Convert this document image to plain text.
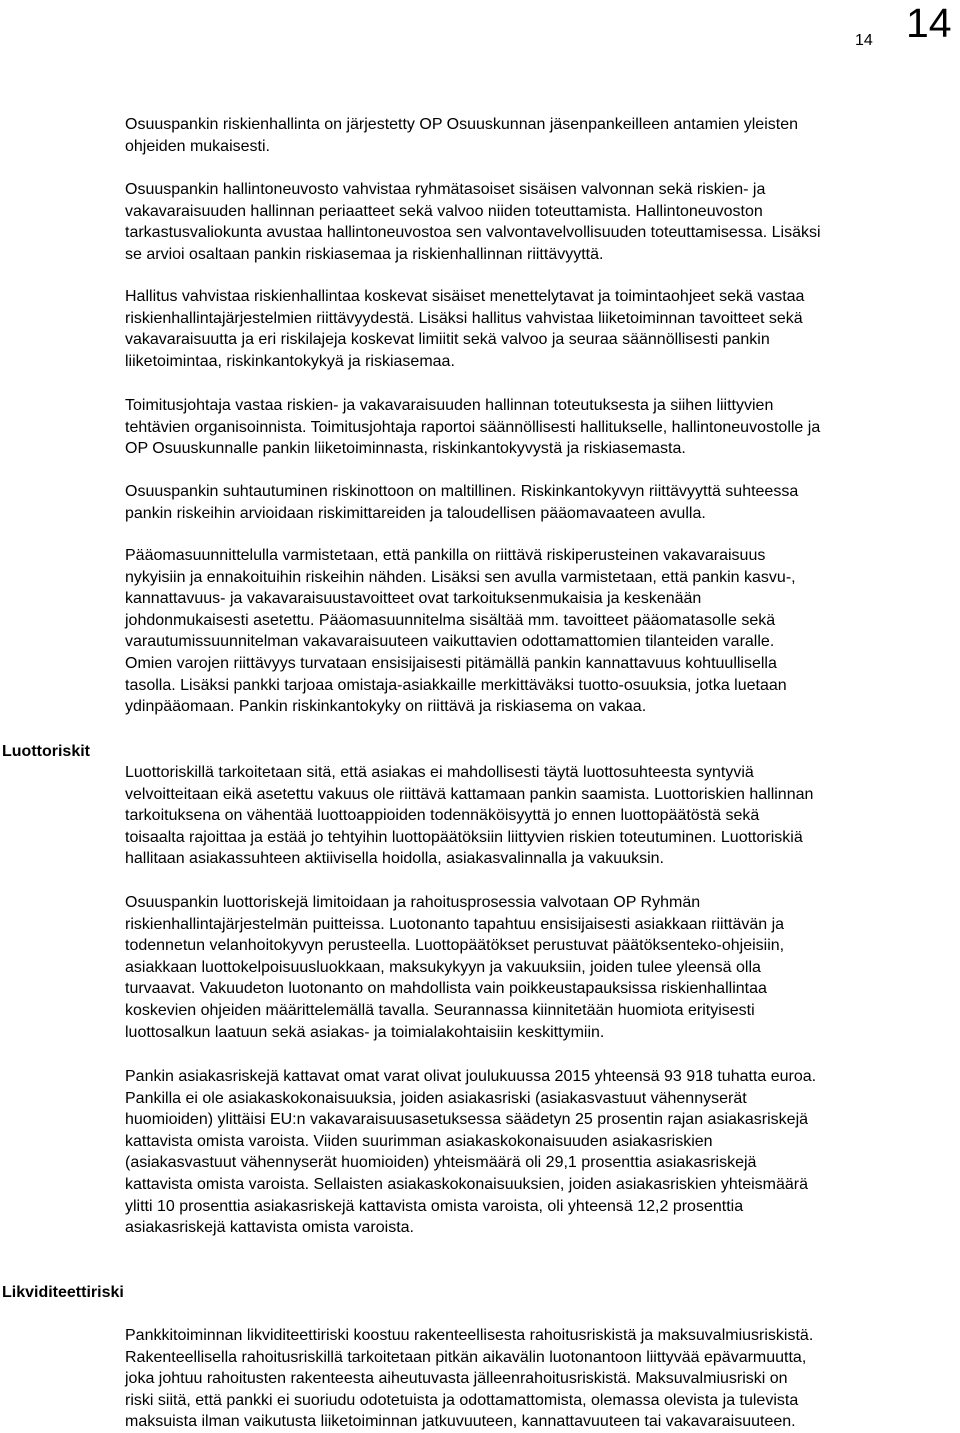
14 14
Luottoriskit
Likviditeettiriski
Osuuspankin riskienhallinta on järjestetty OP Osuuskunnan jäsenpankeilleen antamien yleisten
ohjeiden mukaisesti.
Osuuspankin hallintoneuvosto vahvistaa ryhmätasoiset sisäisen valvonnan sekä riskien- ja
vakavaraisuuden hallinnan periaatteet sekä valvoo niiden toteuttamista. Hallintoneuvoston
tarkastusvaliokunta avustaa hallintoneuvostoa sen valvontavelvollisuuden toteuttamisessa. Lisäksi
se arvioi osaltaan pankin riskiasemaa ja riskienhallinnan riittävyyttä.
Hallitus vahvistaa riskienhallintaa koskevat sisäiset menettelytavat ja toimintaohjeet sekä vastaa
riskienhallintajärjestelmien riittävyydestä. Lisäksi hallitus vahvistaa liiketoiminnan tavoitteet sekä
vakavaraisuutta ja eri riskilajeja koskevat limiitit sekä valvoo ja seuraa säännöllisesti pankin
liiketoimintaa, riskinkantokykyä ja riskiasemaa.
Toimitusjohtaja vastaa riskien- ja vakavaraisuuden hallinnan toteutuksesta ja siihen liittyvien
tehtävien organisoinnista. Toimitusjohtaja raportoi säännöllisesti hallitukselle, hallintoneuvostolle ja
OP Osuuskunnalle pankin liiketoiminnasta, riskinkantokyvystä ja riskiasemasta.
Osuuspankin suhtautuminen riskinottoon on maltillinen. Riskinkantokyvyn riittävyyttä suhteessa
pankin riskeihin arvioidaan riskimittareiden ja taloudellisen pääomavaateen avulla.
Pääomasuunnittelulla varmistetaan, että pankilla on riittävä riskiperusteinen vakavaraisuus
nykyisiin ja ennakoituihin riskeihin nähden. Lisäksi sen avulla varmistetaan, että pankin kasvu-,
kannattavuus- ja vakavaraisuustavoitteet ovat tarkoituksenmukaisia ja keskenään
johdonmukaisesti asetettu. Pääomasuunnitelma sisältää mm. tavoitteet pääomatasolle sekä
varautumissuunnitelman vakavaraisuuteen vaikuttavien odottamattomien tilanteiden varalle.
Omien varojen riittävyys turvataan ensisijaisesti pitämällä pankin kannattavuus kohtuullisella
tasolla. Lisäksi pankki tarjoaa omistaja-asiakkaille merkittäväksi tuotto-osuuksia, jotka luetaan
ydinpääomaan. Pankin riskinkantokyky on riittävä ja riskiasema on vakaa.
Luottoriskillä tarkoitetaan sitä, että asiakas ei mahdollisesti täytä luottosuhteesta syntyviä
velvoitteitaan eikä asetettu vakuus ole riittävä kattamaan pankin saamista. Luottoriskien hallinnan
tarkoituksena on vähentää luottoappioiden todennäköisyyttä jo ennen luottopäätöstä sekä
toisaalta rajoittaa ja estää jo tehtyihin luottopäätöksiin liittyvien riskien toteutuminen. Luottoriskiä
hallitaan asiakassuhteen aktiivisella hoidolla, asiakasvalinnalla ja vakuuksin.
Osuuspankin luottoriskejä limitoidaan ja rahoitusprosessia valvotaan OP Ryhmän
riskienhallintajärjestelmän puitteissa. Luotonanto tapahtuu ensisijaisesti asiakkaan riittävän ja
todennetun velanhoitokyvyn perusteella. Luottopäätökset perustuvat päätöksenteko-ohjeisiin,
asiakkaan luottokelpoisuusluokkaan, maksukykyyn ja vakuuksiin, joiden tulee yleensä olla
turvaavat. Vakuudeton luotonanto on mahdollista vain poikkeustapauksissa riskienhallintaa
koskevien ohjeiden määrittelemällä tavalla. Seurannassa kiinnitetään huomiota erityisesti
luottosalkun laatuun sekä asiakas- ja toimialakohtaisiin keskittymiin.
Pankin asiakasriskejä kattavat omat varat olivat joulukuussa 2015 yhteensä 93 918 tuhatta euroa.
Pankilla ei ole asiakaskokonaisuuksia, joiden asiakasriski (asiakasvastuut vähennyserät
huomioiden) ylittäisi EU:n vakavaraisuusasetuksessa säädetyn 25 prosentin rajan asiakasriskejä
kattavista omista varoista. Viiden suurimman asiakaskokonaisuuden asiakasriskien
(asiakasvastuut vähennyserät huomioiden) yhteismäärä oli 29,1 prosenttia asiakasriskejä
kattavista omista varoista. Sellaisten asiakaskokonaisuuksien, joiden asiakasriskien yhteismäärä
ylitti 10 prosenttia asiakasriskejä kattavista omista varoista, oli yhteensä 12,2 prosenttia
asiakasriskejä kattavista omista varoista.
Pankkitoiminnan likviditeettiriski koostuu rakenteellisesta rahoitusriskistä ja maksuvalmiusriskistä.
Rakenteellisella rahoitusriskillä tarkoitetaan pitkän aikavälin luotonantoon liittyvää epävarmuutta,
joka johtuu rahoitusten rakenteesta aiheutuvasta jälleenrahoitusriskistä. Maksuvalmiusriski on
riski siitä, että pankki ei suoriudu odotetuista ja odottamattomista, olemassa olevista ja tulevista
maksuista ilman vaikutusta liiketoiminnan jatkuvuuteen, kannattavuuteen tai vakavaraisuuteen.
